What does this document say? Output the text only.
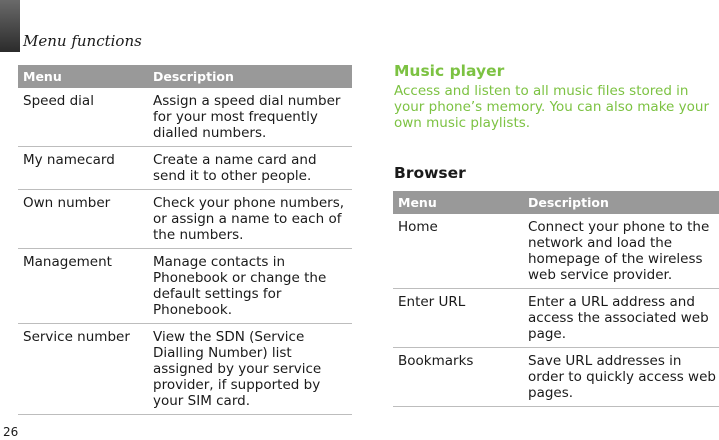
Menu functions
Menu	Description
Speed dial	Assign a speed dial number for your most frequently dialled numbers.
My namecard	Create a name card and send it to other people.
Own number	Check your phone numbers, or assign a name to each of the numbers.
Management	Manage contacts in Phonebook or change the default settings for Phonebook.
Service number	View the SDN (Service Dialling Number) list assigned by your service provider, if supported by your SIM card.
Music player

Access and listen to all music files stored in your phone’s memory. You can also make your own music playlists.

Browser
Menu	Description
Home	Connect your phone to the network and load the homepage of the wireless web service provider.
Enter URL	Enter a URL address and access the associated web page.
Bookmarks	Save URL addresses in order to quickly access web pages.
26
